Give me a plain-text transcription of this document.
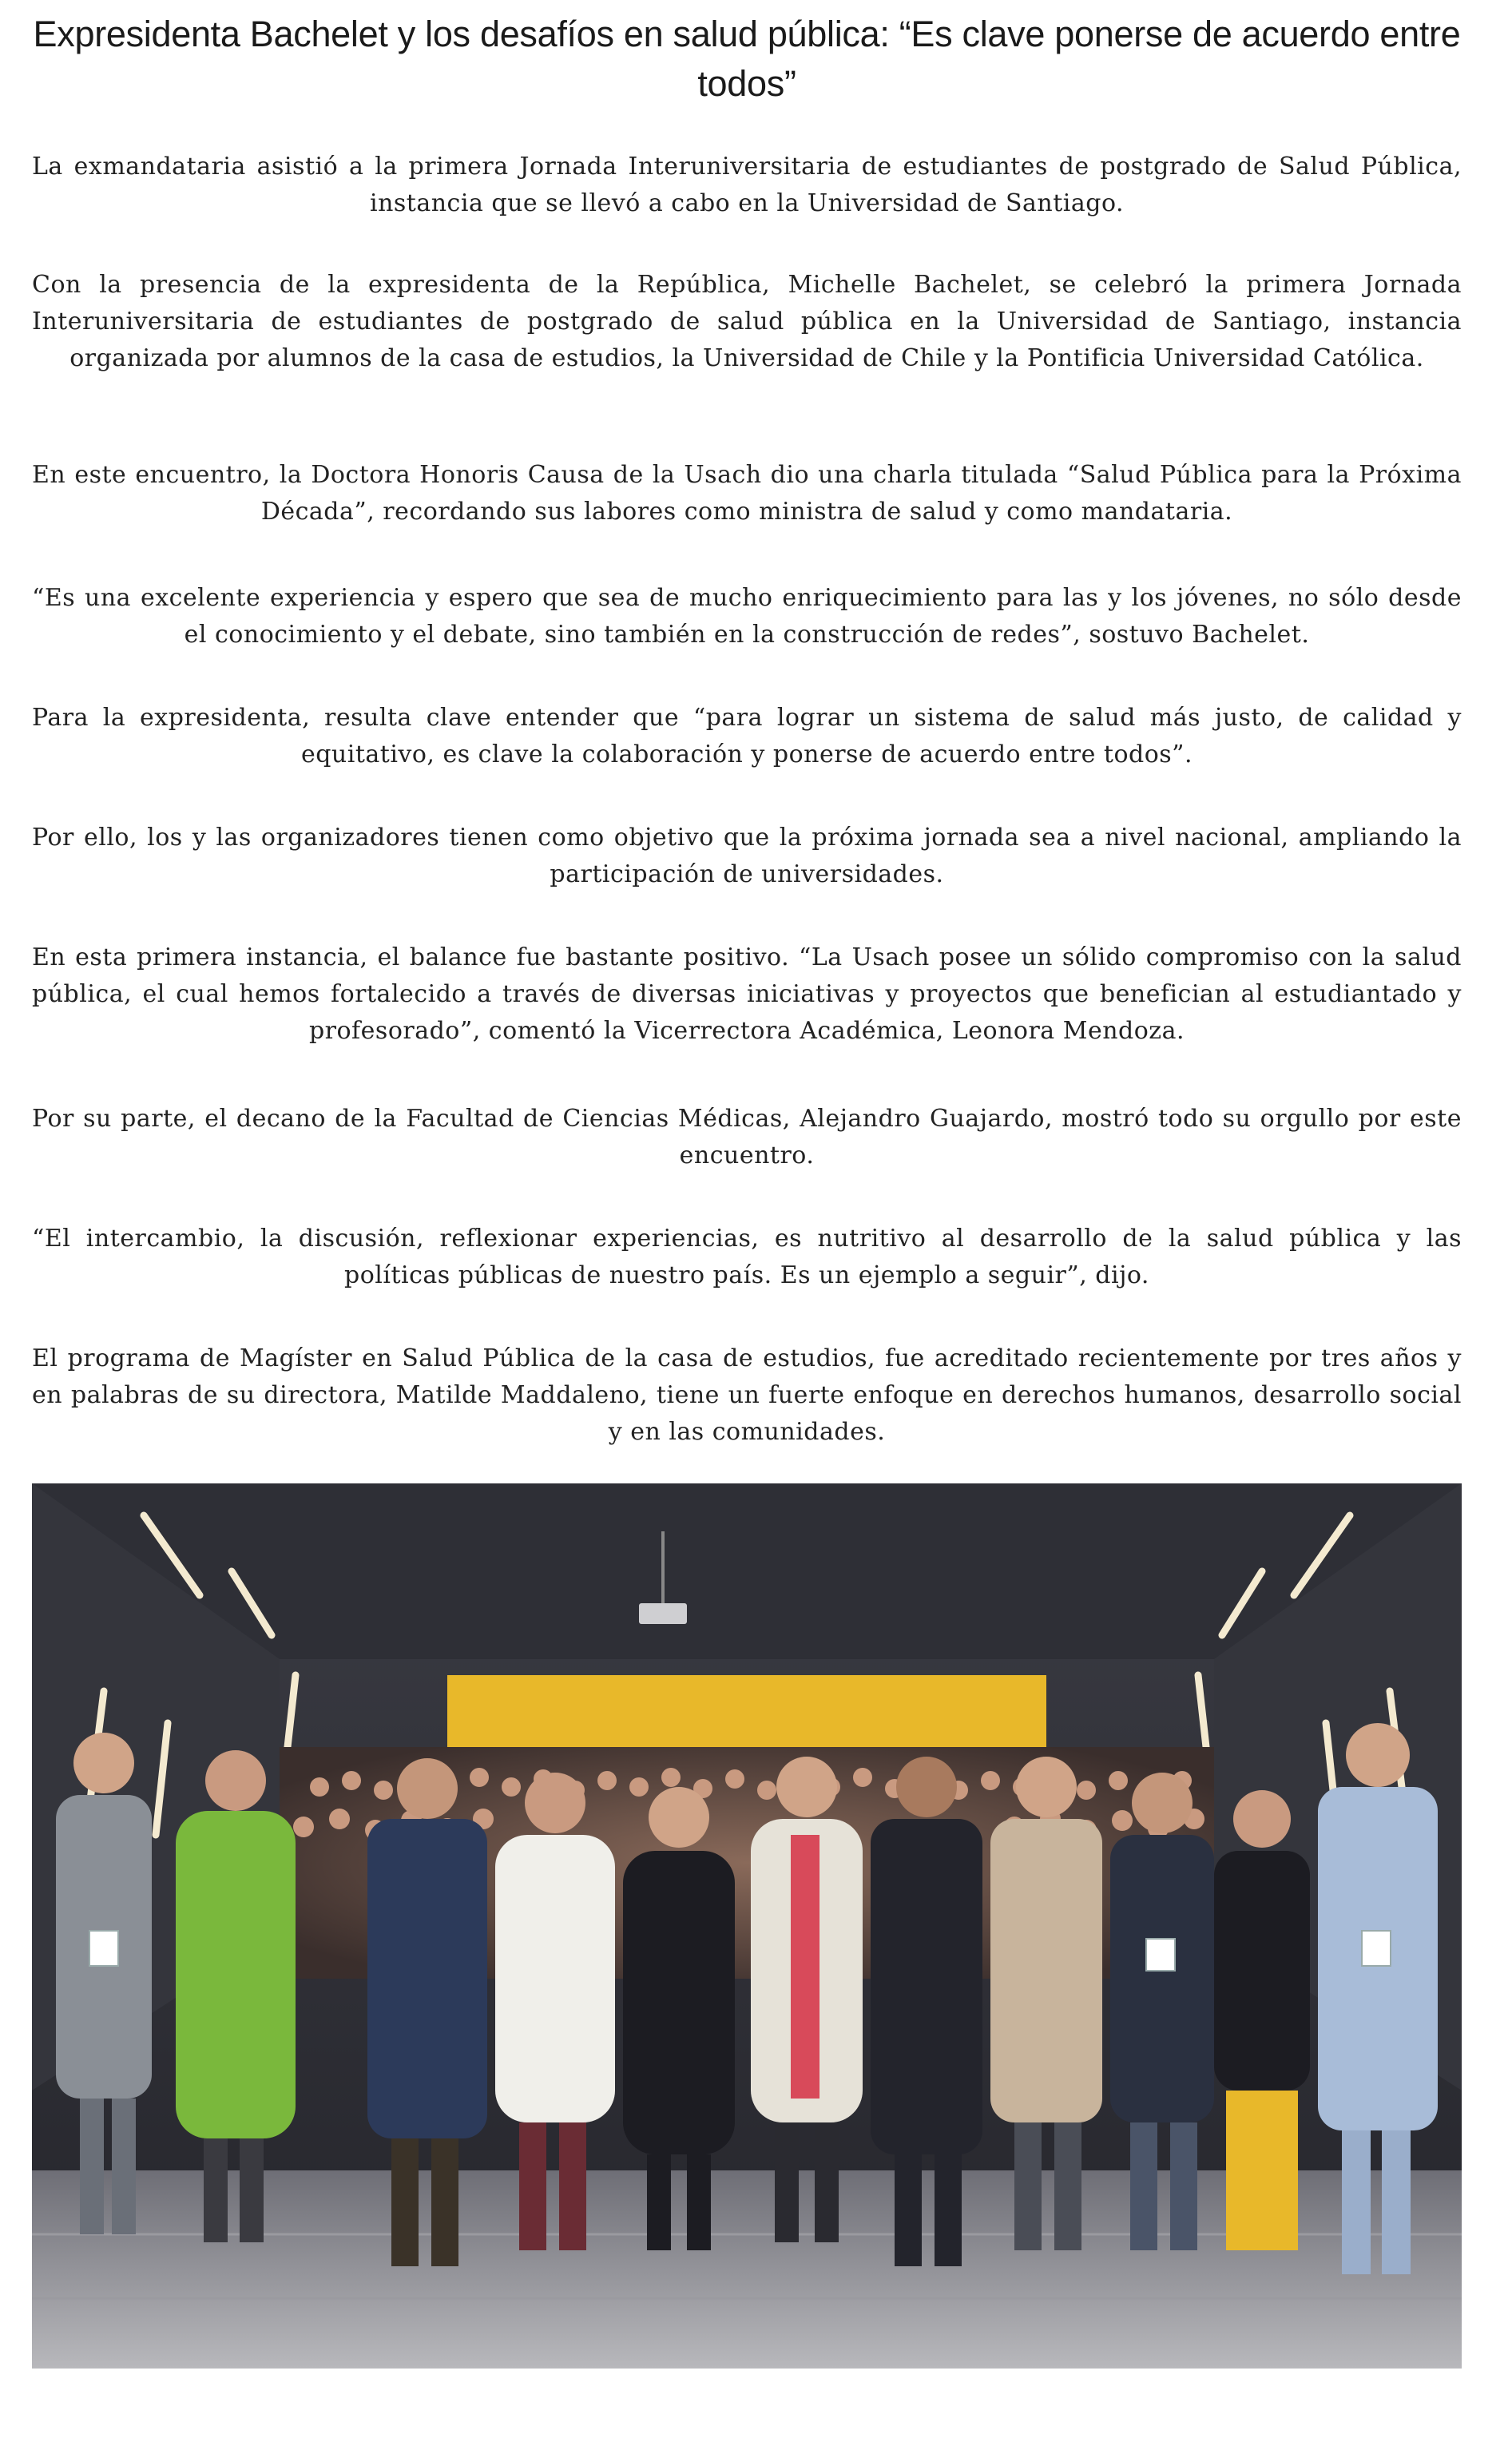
Expresidenta Bachelet y los desafíos en salud pública: “Es clave ponerse de acuerdo entre todos”

La exmandataria asistió a la primera Jornada Interuniversitaria de estudiantes de postgrado de Salud Pública, instancia que se llevó a cabo en la Universidad de Santiago.

Con la presencia de la expresidenta de la República, Michelle Bachelet, se celebró la primera Jornada Interuniversitaria de estudiantes de postgrado de salud pública en la Universidad de Santiago, instancia organizada por alumnos de la casa de estudios, la Universidad de Chile y la Pontificia Universidad Católica.

En este encuentro, la Doctora Honoris Causa de la Usach dio una charla titulada “Salud Pública para la Próxima Década”, recordando sus labores como ministra de salud y como mandataria.

“Es una excelente experiencia y espero que sea de mucho enriquecimiento para las y los jóvenes, no sólo desde el conocimiento y el debate, sino también en la construcción de redes”, sostuvo Bachelet.

Para la expresidenta, resulta clave entender que “para lograr un sistema de salud más justo, de calidad y equitativo, es clave la colaboración y ponerse de acuerdo entre todos”.

Por ello, los y las organizadores tienen como objetivo que la próxima jornada sea a nivel nacional, ampliando la participación de universidades.

En esta primera instancia, el balance fue bastante positivo. “La Usach posee un sólido compromiso con la salud pública, el cual hemos fortalecido a través de diversas iniciativas y proyectos que benefician al estudiantado y profesorado”, comentó la Vicerrectora Académica, Leonora Mendoza.

Por su parte, el decano de la Facultad de Ciencias Médicas, Alejandro Guajardo, mostró todo su orgullo por este encuentro.

“El intercambio, la discusión, reflexionar experiencias, es nutritivo al desarrollo de la salud pública y las políticas públicas de nuestro país. Es un ejemplo a seguir”, dijo.

El programa de Magíster en Salud Pública de la casa de estudios, fue acreditado recientemente por tres años y en palabras de su directora, Matilde Maddaleno, tiene un fuerte enfoque en derechos humanos, desarrollo social y en las comunidades.
